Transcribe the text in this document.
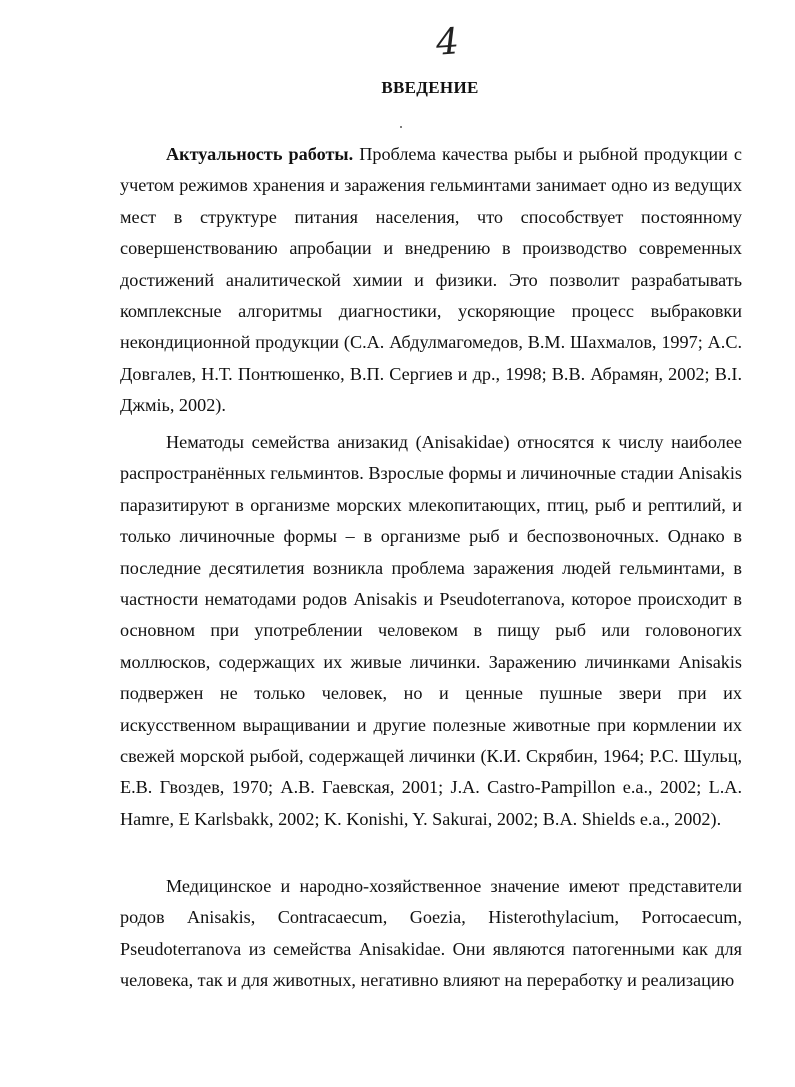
4
ВВЕДЕНИЕ

Актуальность работы. Проблема качества рыбы и рыбной продукции с учетом режимов хранения и заражения гельминтами занимает одно из ведущих мест в структуре питания населения, что способствует постоянному совершенствованию апробации и внедрению в производство современных достижений аналитической химии и физики. Это позволит разрабатывать комплексные алгоритмы диагностики, ускоряющие процесс выбраковки некондиционной продукции (С.А. Абдулмагомедов, В.М. Шахмалов, 1997; А.С. Довгалев, Н.Т. Понтюшенко, В.П. Сергиев и др., 1998; В.В. Абрамян, 2002; В.І. Джміь, 2002).

Нематоды семейства анизакид (Anisakidae) относятся к числу наиболее распространённых гельминтов. Взрослые формы и личиночные стадии Anisakis паразитируют в организме морских млекопитающих, птиц, рыб и рептилий, и только личиночные формы – в организме рыб и беспозвоночных. Однако в последние десятилетия возникла проблема заражения людей гельминтами, в частности нематодами родов Anisakis и Pseudoterranova, которое происходит в основном при употреблении человеком в пищу рыб или головоногих моллюсков, содержащих их живые личинки. Заражению личинками Anisakis подвержен не только человек, но и ценные пушные звери при их искусственном выращивании и другие полезные животные при кормлении их свежей морской рыбой, содержащей личинки (К.И. Скрябин, 1964; Р.С. Шульц, Е.В. Гвоздев, 1970; А.В. Гаевская, 2001; J.A. Castro-Pampillon e.a., 2002; L.A. Hamre, E Karlsbakk, 2002; K. Konishi, Y. Sakurai, 2002; B.A. Shields e.a., 2002).

Медицинское и народно-хозяйственное значение имеют представители родов Anisakis, Contracaecum, Goezia, Histerothylacium, Porrocaecum, Pseudoterranova из семейства Anisakidae. Они являются патогенными как для человека, так и для животных, негативно влияют на переработку и реализацию
